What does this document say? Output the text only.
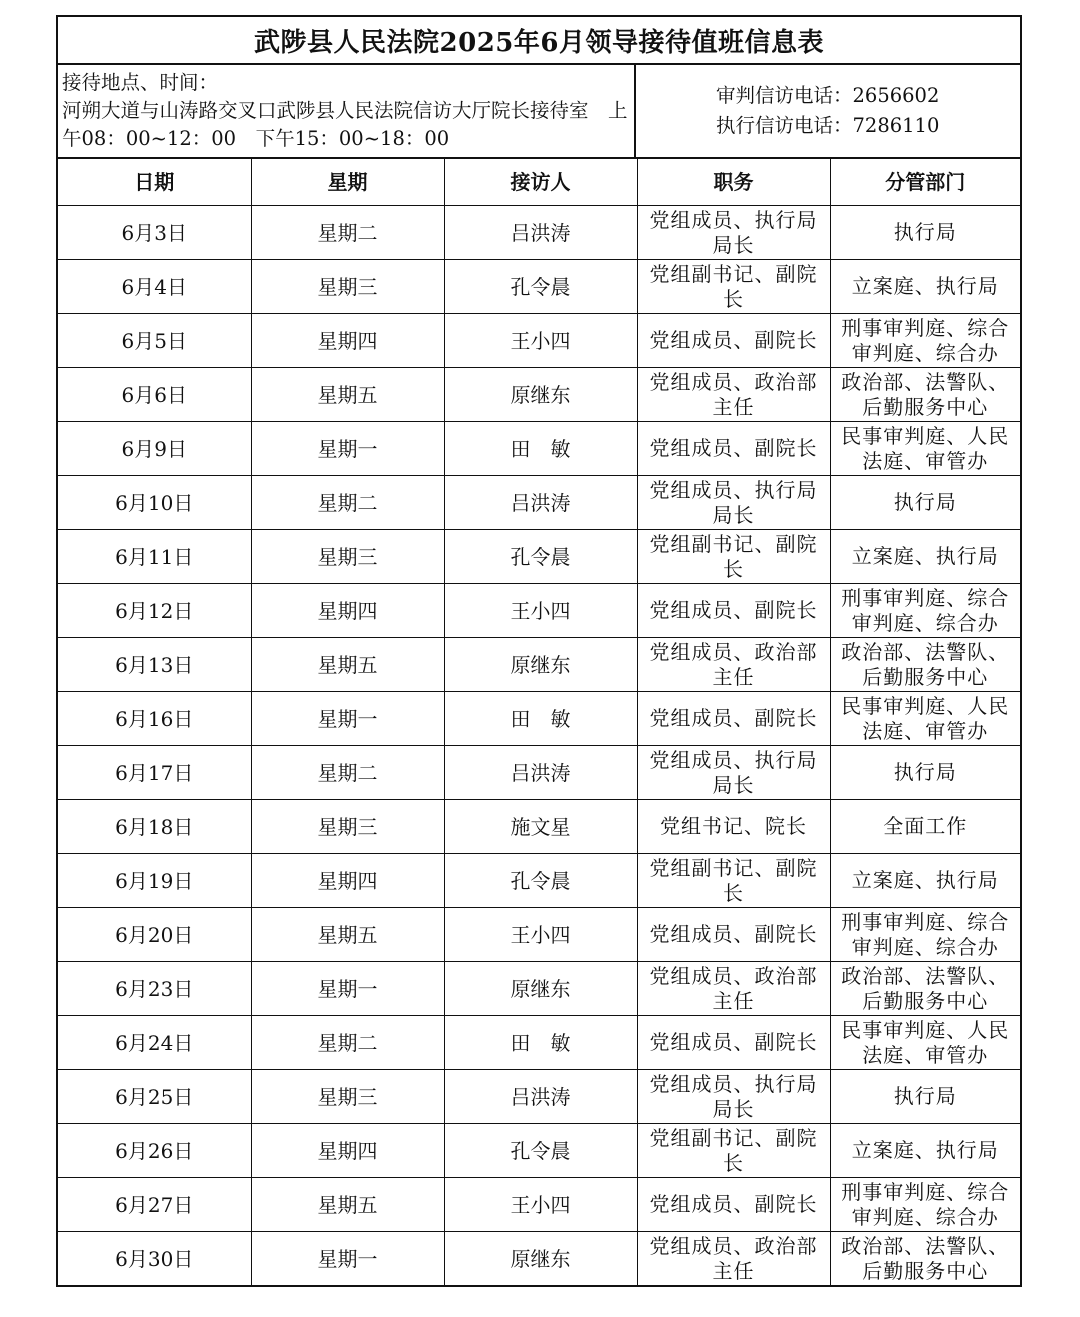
武陟县人民法院2025年6月领导接待值班信息表
接待地点、时间：
河朔大道与山涛路交叉口武陟县人民法院信访大厅院长接待室　上午08：00~12：00　下午15：00~18：00
审判信访电话：2656602
执行信访电话：7286110
日期	星期	接访人	职务	分管部门
6月3日	星期二	吕洪涛	党组成员、执行局局长	执行局
6月4日	星期三	孔令晨	党组副书记、副院长	立案庭、执行局
6月5日	星期四	王小四	党组成员、副院长	刑事审判庭、综合审判庭、综合办
6月6日	星期五	原继东	党组成员、政治部主任	政治部、法警队、后勤服务中心
6月9日	星期一	田　敏	党组成员、副院长	民事审判庭、人民法庭、审管办
6月10日	星期二	吕洪涛	党组成员、执行局局长	执行局
6月11日	星期三	孔令晨	党组副书记、副院长	立案庭、执行局
6月12日	星期四	王小四	党组成员、副院长	刑事审判庭、综合审判庭、综合办
6月13日	星期五	原继东	党组成员、政治部主任	政治部、法警队、后勤服务中心
6月16日	星期一	田　敏	党组成员、副院长	民事审判庭、人民法庭、审管办
6月17日	星期二	吕洪涛	党组成员、执行局局长	执行局
6月18日	星期三	施文星	党组书记、院长	全面工作
6月19日	星期四	孔令晨	党组副书记、副院长	立案庭、执行局
6月20日	星期五	王小四	党组成员、副院长	刑事审判庭、综合审判庭、综合办
6月23日	星期一	原继东	党组成员、政治部主任	政治部、法警队、后勤服务中心
6月24日	星期二	田　敏	党组成员、副院长	民事审判庭、人民法庭、审管办
6月25日	星期三	吕洪涛	党组成员、执行局局长	执行局
6月26日	星期四	孔令晨	党组副书记、副院长	立案庭、执行局
6月27日	星期五	王小四	党组成员、副院长	刑事审判庭、综合审判庭、综合办
6月30日	星期一	原继东	党组成员、政治部主任	政治部、法警队、后勤服务中心
